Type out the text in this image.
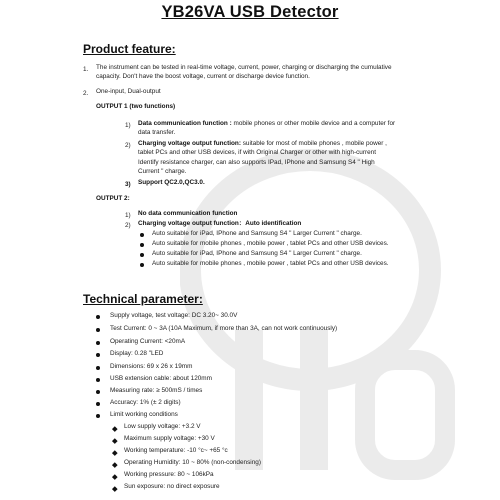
YB26VA USB Detector
Product feature:
1. The instrument can be tested in real-time voltage, current, power, charging or discharging the cumulative
capacity. Don't have the boost voltage, current or discharge device function.
2. One-input, Dual-output
OUTPUT 1 (two functions)
1) Data communication function : mobile phones or other mobile device and a computer for
data transfer.
2) Charging voltage output function: suitable for most of mobile phones , mobile power ,
tablet PCs and other USB devices, if with Original Charger or other with high-current
Identify resistance charger, can also supports IPad, IPhone and Samsung S4 " High
Current " charge.
3) Support QC2.0,QC3.0.
OUTPUT 2:
1) No data communication function
2) Charging voltage output function：Auto identification
Auto suitable for iPad, IPhone and Samsung S4 " Larger Current " charge.
Auto suitable for mobile phones , mobile power , tablet PCs and other USB devices.
Auto suitable for iPad, IPhone and Samsung S4 " Larger Current " charge.
Auto suitable for mobile phones , mobile power , tablet PCs and other USB devices.
Technical parameter:
Supply voltage, test voltage: DC 3.20~ 30.0V
Test Current: 0 ~ 3A (10A Maximum, if more than 3A, can not work continuously)
Operating Current: <20mA
Display: 0.28 "LED
Dimensions: 69 x 26 x 19mm
USB extension cable: about 120mm
Measuring rate: ≥ 500mS / times
Accuracy: 1% (± 2 digits)
Limit working conditions
Low supply voltage: +3.2 V
Maximum supply voltage: +30 V
Working temperature: -10 °c~ +65 °c
Operating Humidity: 10 ~ 80% (non-condensing)
Working pressure: 80 ~ 106kPa
Sun exposure: no direct exposure
